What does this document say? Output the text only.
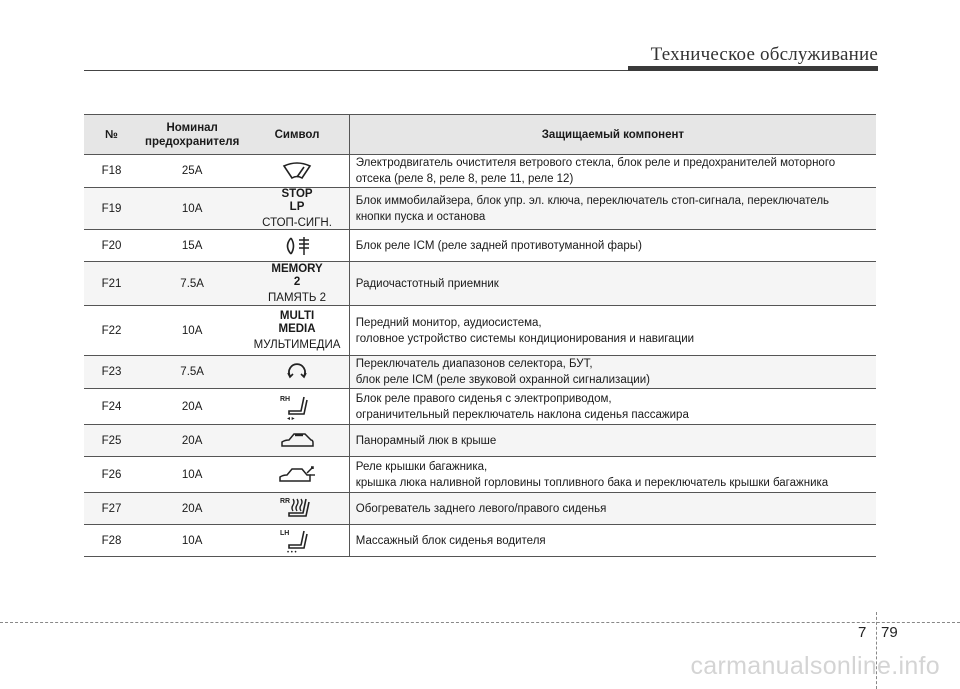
Техническое обслуживание
№	Номинал
предохранителя	Символ	Защищаемый компонент
F18	25A		Электродвигатель очистителя ветрового стекла, блок реле и предохранителей моторного
отсека (реле 8, реле 8, реле 11, реле 12)

F19	10A	STOP
LP
СТОП-СИГН.	Блок иммобилайзера, блок упр. эл. ключа, переключатель стоп-сигнала, переключатель
кнопки пуска и останова

F20	15A		Блок реле ICM (реле задней противотуманной фары)

F21	7.5A	MEMORY
2
ПАМЯТЬ 2	Радиочастотный приемник

F22	10A	MULTI
MEDIA
МУЛЬТИМЕДИА	Передний монитор, аудиосистема,
головное устройство системы кондиционирования и навигации

F23	7.5A		Переключатель диапазонов селектора, БУТ,
блок реле ICM (реле звуковой охранной сигнализации)

F24	20A	RH
◂ ▸	Блок реле правого сиденья с электроприводом,
ограничительный переключатель наклона сиденья пассажира

F25	20A		Панорамный люк в крыше

F26	10A		Реле крышки багажника,
крышка люка наливной горловины топливного бака и переключатель крышки багажника

F27	20A	RR	Обогреватель заднего левого/правого сиденья

F28	10A	LH
• • •	Массажный блок сиденья водителя
7 79
carmanualsonline.info
